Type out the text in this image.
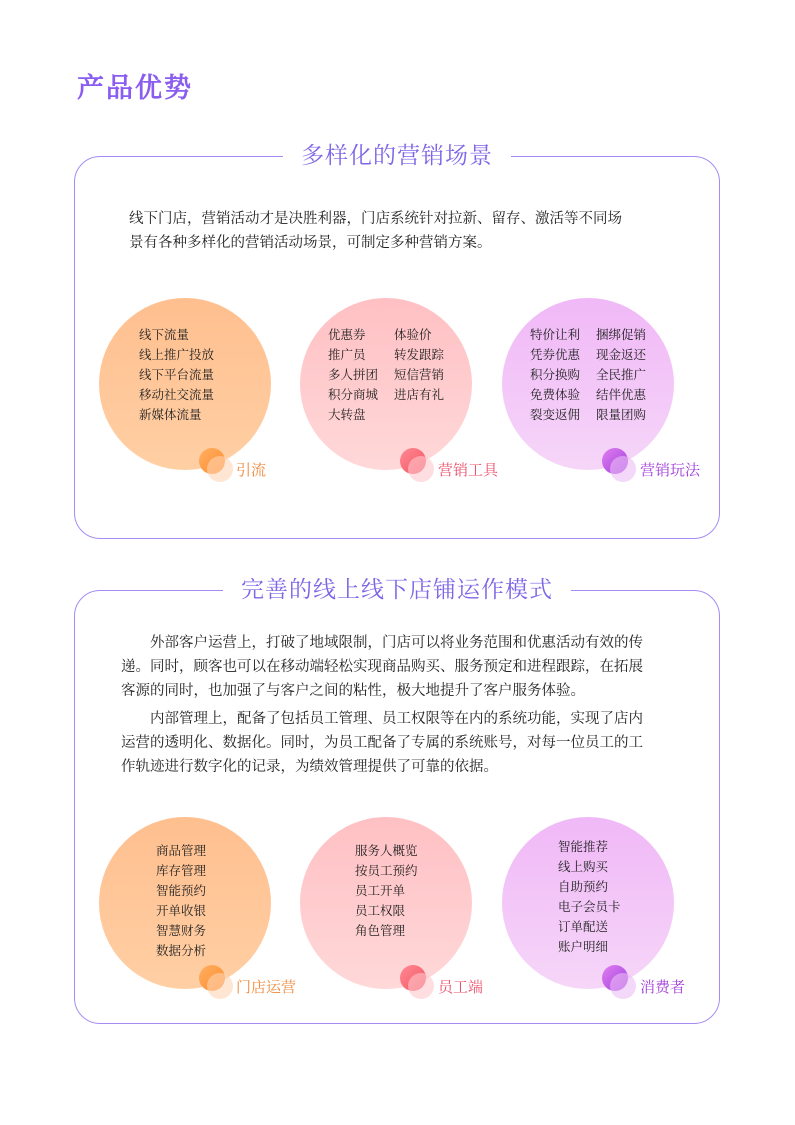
产品优势
多样化的营销场景
线下门店，营销活动才是决胜利器，门店系统针对拉新、留存、激活等不同场
景有各种多样化的营销活动场景，可制定多种营销方案。
线下流量
线上推广投放
线下平台流量
移动社交流量
新媒体流量
引流
优惠券 体验价
推广员 转发跟踪
多人拼团 短信营销
积分商城 进店有礼
大转盘
营销工具
特价让利 捆绑促销
凭券优惠 现金返还
积分换购 全民推广
免费体验 结伴优惠
裂变返佣 限量团购
营销玩法
完善的线上线下店铺运作模式

外部客户运营上，打破了地域限制，门店可以将业务范围和优惠活动有效的传
递。同时，顾客也可以在移动端轻松实现商品购买、服务预定和进程跟踪，在拓展
客源的同时，也加强了与客户之间的粘性，极大地提升了客户服务体验。

内部管理上，配备了包括员工管理、员工权限等在内的系统功能，实现了店内
运营的透明化、数据化。同时，为员工配备了专属的系统账号，对每一位员工的工
作轨迹进行数字化的记录，为绩效管理提供了可靠的依据。

商品管理
库存管理
智能预约
开单收银
智慧财务
数据分析
门店运营
服务人概览
按员工预约
员工开单
员工权限
角色管理
员工端
智能推荐
线上购买
自助预约
电子会员卡
订单配送
账户明细
消费者
